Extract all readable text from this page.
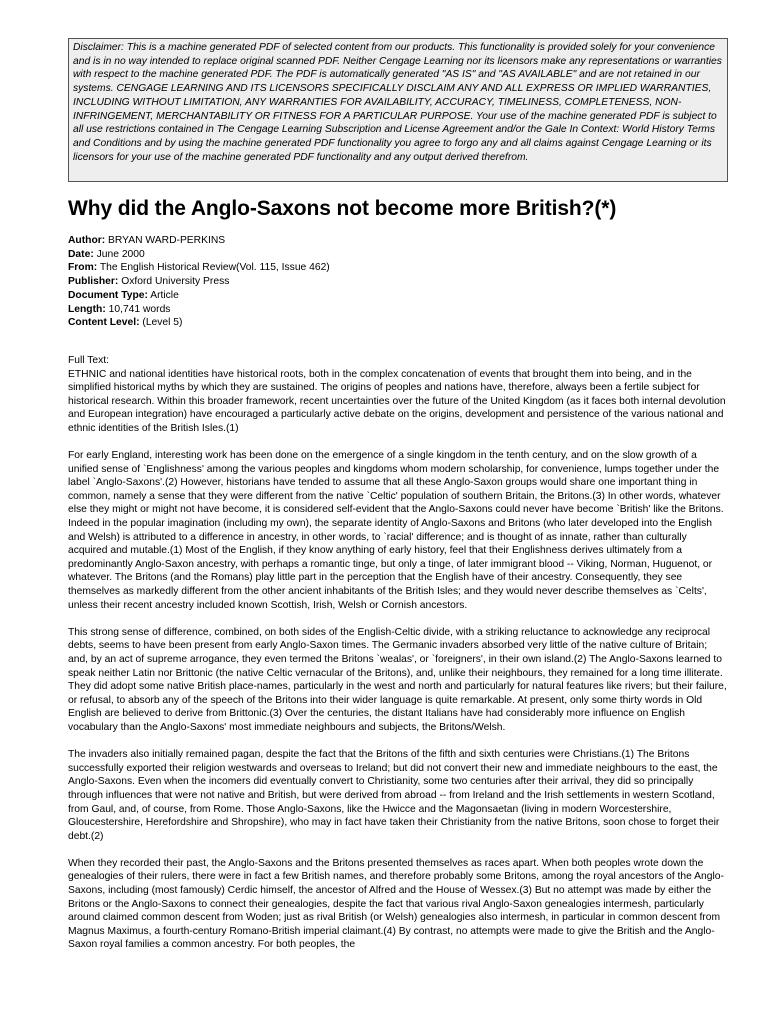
Disclaimer: This is a machine generated PDF of selected content from our products. This functionality is provided solely for your convenience and is in no way intended to replace original scanned PDF. Neither Cengage Learning nor its licensors make any representations or warranties with respect to the machine generated PDF. The PDF is automatically generated "AS IS" and "AS AVAILABLE" and are not retained in our systems. CENGAGE LEARNING AND ITS LICENSORS SPECIFICALLY DISCLAIM ANY AND ALL EXPRESS OR IMPLIED WARRANTIES, INCLUDING WITHOUT LIMITATION, ANY WARRANTIES FOR AVAILABILITY, ACCURACY, TIMELINESS, COMPLETENESS, NON-INFRINGEMENT, MERCHANTABILITY OR FITNESS FOR A PARTICULAR PURPOSE. Your use of the machine generated PDF is subject to all use restrictions contained in The Cengage Learning Subscription and License Agreement and/or the Gale In Context: World History Terms and Conditions and by using the machine generated PDF functionality you agree to forgo any and all claims against Cengage Learning or its licensors for your use of the machine generated PDF functionality and any output derived therefrom.
Why did the Anglo-Saxons not become more British?(*)
Author: BRYAN WARD-PERKINS
Date: June 2000
From: The English Historical Review(Vol. 115, Issue 462)
Publisher: Oxford University Press
Document Type: Article
Length: 10,741 words
Content Level: (Level 5)
Full Text:

ETHNIC and national identities have historical roots, both in the complex concatenation of events that brought them into being, and in the simplified historical myths by which they are sustained. The origins of peoples and nations have, therefore, always been a fertile subject for historical research. Within this broader framework, recent uncertainties over the future of the United Kingdom (as it faces both internal devolution and European integration) have encouraged a particularly active debate on the origins, development and persistence of the various national and ethnic identities of the British Isles.(1)

For early England, interesting work has been done on the emergence of a single kingdom in the tenth century, and on the slow growth of a unified sense of `Englishness' among the various peoples and kingdoms whom modern scholarship, for convenience, lumps together under the label `Anglo-Saxons'.(2) However, historians have tended to assume that all these Anglo-Saxon groups would share one important thing in common, namely a sense that they were different from the native `Celtic' population of southern Britain, the Britons.(3) In other words, whatever else they might or might not have become, it is considered self-evident that the Anglo-Saxons could never have become `British' like the Britons. Indeed in the popular imagination (including my own), the separate identity of Anglo-Saxons and Britons (who later developed into the English and Welsh) is attributed to a difference in ancestry, in other words, to `racial' difference; and is thought of as innate, rather than culturally acquired and mutable.(1) Most of the English, if they know anything of early history, feel that their Englishness derives ultimately from a predominantly Anglo-Saxon ancestry, with perhaps a romantic tinge, but only a tinge, of later immigrant blood -- Viking, Norman, Huguenot, or whatever. The Britons (and the Romans) play little part in the perception that the English have of their ancestry. Consequently, they see themselves as markedly different from the other ancient inhabitants of the British Isles; and they would never describe themselves as `Celts', unless their recent ancestry included known Scottish, Irish, Welsh or Cornish ancestors.

This strong sense of difference, combined, on both sides of the English-Celtic divide, with a striking reluctance to acknowledge any reciprocal debts, seems to have been present from early Anglo-Saxon times. The Germanic invaders absorbed very little of the native culture of Britain; and, by an act of supreme arrogance, they even termed the Britons `wealas', or `foreigners', in their own island.(2) The Anglo-Saxons learned to speak neither Latin nor Brittonic (the native Celtic vernacular of the Britons), and, unlike their neighbours, they remained for a long time illiterate. They did adopt some native British place-names, particularly in the west and north and particularly for natural features like rivers; but their failure, or refusal, to absorb any of the speech of the Britons into their wider language is quite remarkable. At present, only some thirty words in Old English are believed to derive from Brittonic.(3) Over the centuries, the distant Italians have had considerably more influence on English vocabulary than the Anglo-Saxons' most immediate neighbours and subjects, the Britons/Welsh.

The invaders also initially remained pagan, despite the fact that the Britons of the fifth and sixth centuries were Christians.(1) The Britons successfully exported their religion westwards and overseas to Ireland; but did not convert their new and immediate neighbours to the east, the Anglo-Saxons. Even when the incomers did eventually convert to Christianity, some two centuries after their arrival, they did so principally through influences that were not native and British, but were derived from abroad -- from Ireland and the Irish settlements in western Scotland, from Gaul, and, of course, from Rome. Those Anglo-Saxons, like the Hwicce and the Magonsaetan (living in modern Worcestershire, Gloucestershire, Herefordshire and Shropshire), who may in fact have taken their Christianity from the native Britons, soon chose to forget their debt.(2)

When they recorded their past, the Anglo-Saxons and the Britons presented themselves as races apart. When both peoples wrote down the genealogies of their rulers, there were in fact a few British names, and therefore probably some Britons, among the royal ancestors of the Anglo-Saxons, including (most famously) Cerdic himself, the ancestor of Alfred and the House of Wessex.(3) But no attempt was made by either the Britons or the Anglo-Saxons to connect their genealogies, despite the fact that various rival Anglo-Saxon genealogies intermesh, particularly around claimed common descent from Woden; just as rival British (or Welsh) genealogies also intermesh, in particular in common descent from Magnus Maximus, a fourth-century Romano-British imperial claimant.(4) By contrast, no attempts were made to give the British and the Anglo-Saxon royal families a common ancestry. For both peoples, the
